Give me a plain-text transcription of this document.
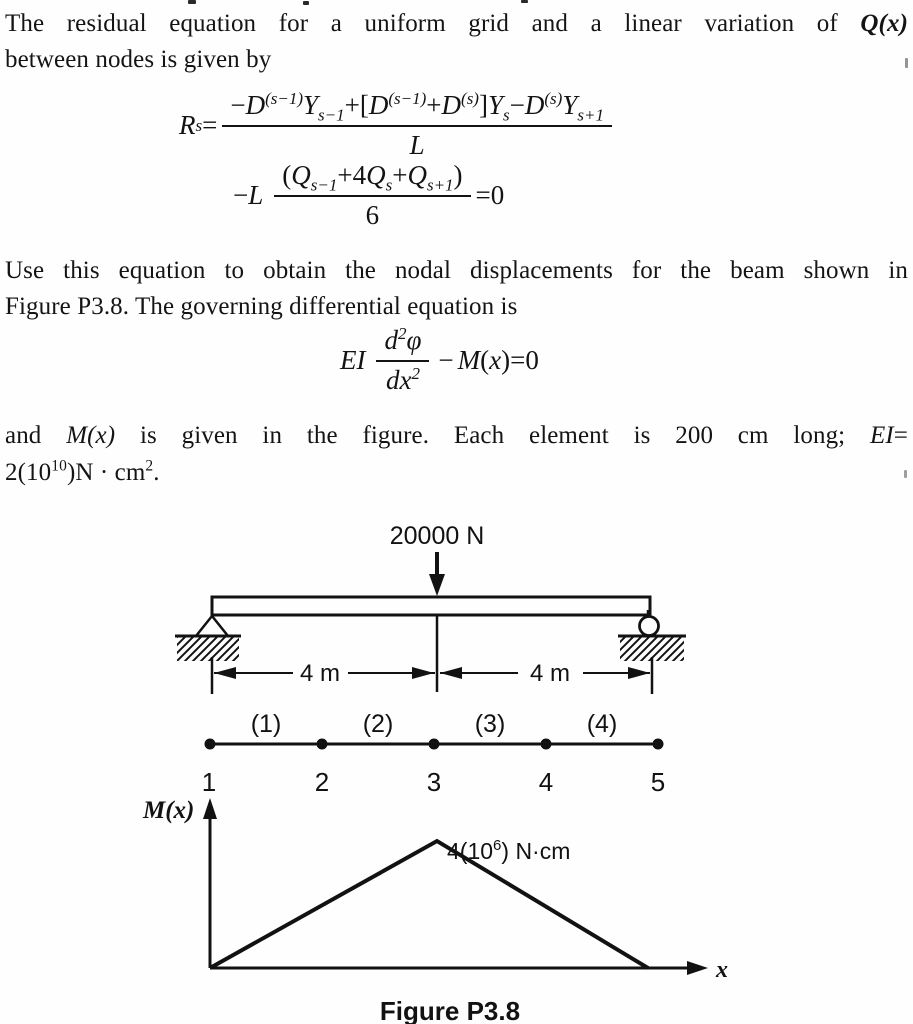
The residual equation for a uniform grid and a linear variation of Q(x)
between nodes is given by
R $s = \frac{-D^{(s-1)}Y_{s-1}+[D^{(s-1)}+D^{(s)}]Y_s-D^{(s)}Y_{s+1}}{L}$
− L $\frac{(Q_{s-1}+4Q_s+Q_{s+1})}{6} = 0$
Use this equation to obtain the nodal displacements for the beam shown in
Figure P3.8. The governing differential equation is
EI $\frac{d^2\varphi}{dx^2} - M$ ( x ) = 0
and M(x) is given in the figure. Each element is 200 cm long; EI=
$2(10^{10})N \cdot cm^2$.
20000 N
4 m	4 m
(1)	(2)	(3)	(4)
1	2	3	4	5
M(x)
x
$4(10^6)$ N·cm
Figure P3.8
